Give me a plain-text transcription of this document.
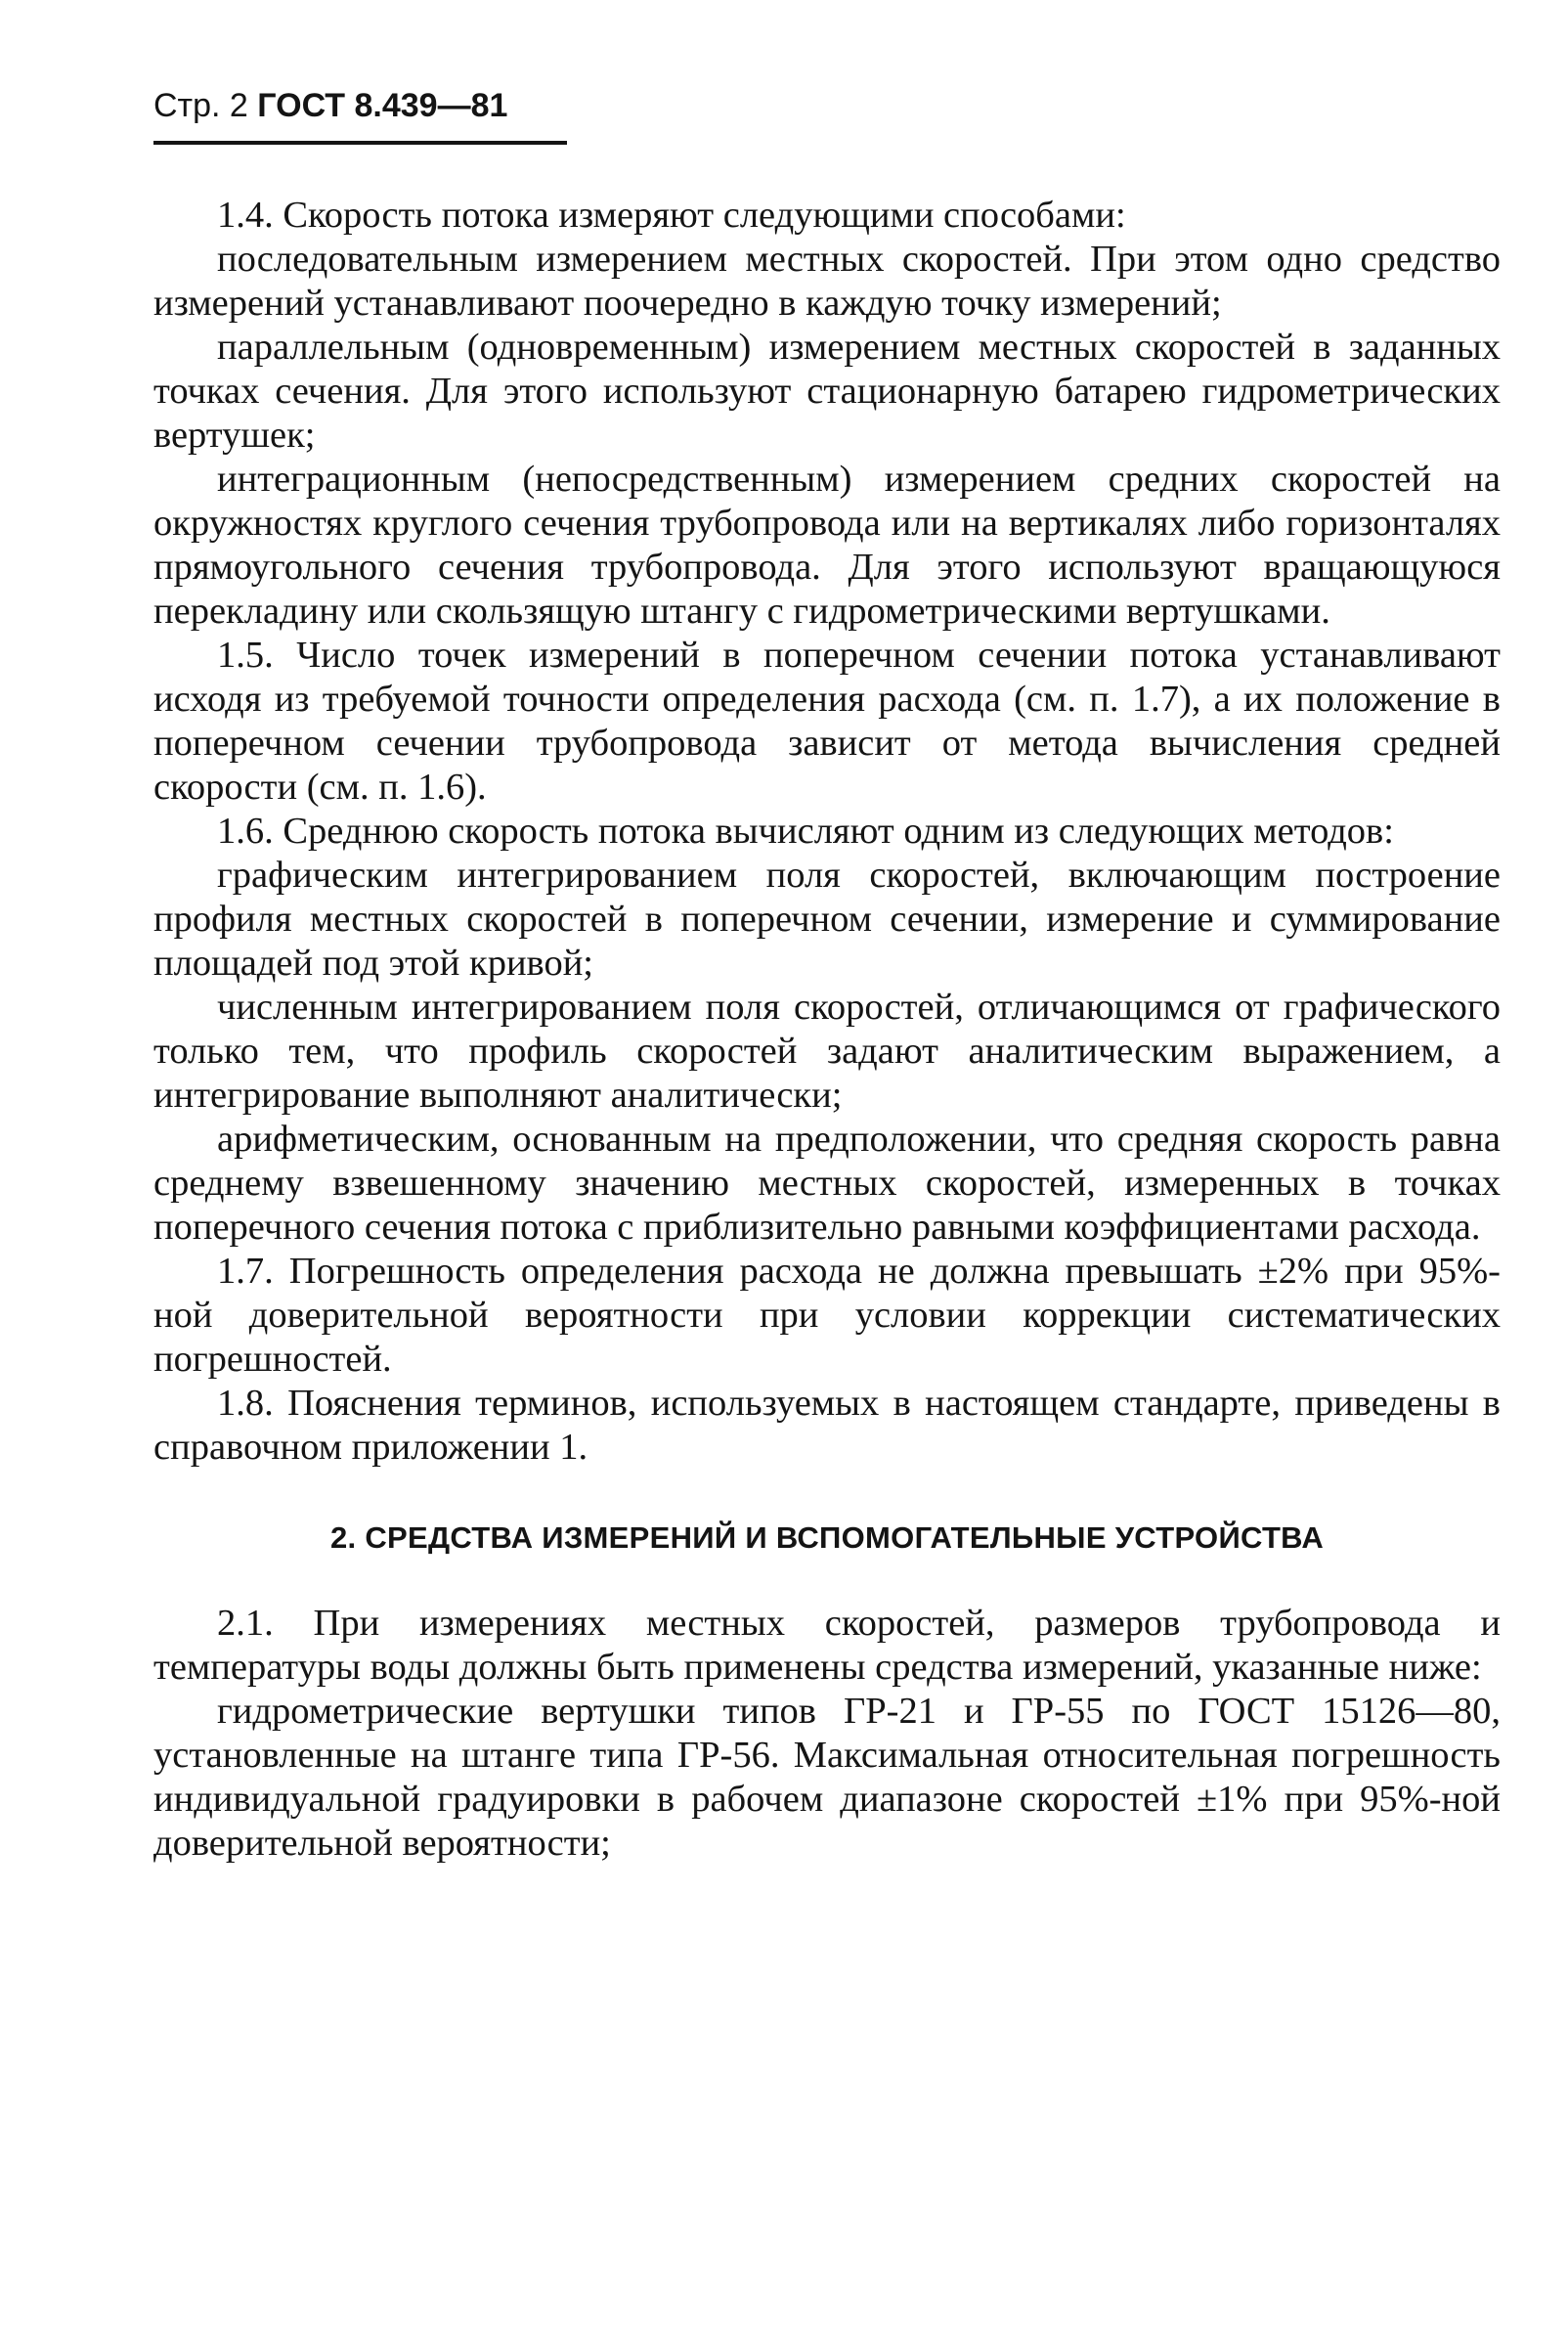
Стр. 2 ГОСТ 8.439—81

1.4. Скорость потока измеряют следующими способами:

последовательным измерением местных скоростей. При этом одно средство измерений устанавливают поочередно в каждую точку измерений;

параллельным (одновременным) измерением местных скоростей в заданных точках сечения. Для этого используют стационарную батарею гидрометрических вертушек;

интеграционным (непосредственным) измерением средних скоростей на окружностях круглого сечения трубопровода или на вертикалях либо горизонталях прямоугольного сечения трубопровода. Для этого используют вращающуюся перекладину или скользящую штангу с гидрометрическими вертушками.

1.5. Число точек измерений в поперечном сечении потока устанавливают исходя из требуемой точности определения расхода (см. п. 1.7), а их положение в поперечном сечении трубопровода зависит от метода вычисления средней скорости (см. п. 1.6).

1.6. Среднюю скорость потока вычисляют одним из следующих методов:

графическим интегрированием поля скоростей, включающим построение профиля местных скоростей в поперечном сечении, измерение и суммирование площадей под этой кривой;

численным интегрированием поля скоростей, отличающимся от графического только тем, что профиль скоростей задают аналитическим выражением, а интегрирование выполняют аналитически;

арифметическим, основанным на предположении, что средняя скорость равна среднему взвешенному значению местных скоростей, измеренных в точках поперечного сечения потока с приблизительно равными коэффициентами расхода.

1.7. Погрешность определения расхода не должна превышать ±2% при 95%-ной доверительной вероятности при условии коррекции систематических погрешностей.

1.8. Пояснения терминов, используемых в настоящем стандарте, приведены в справочном приложении 1.

2. СРЕДСТВА ИЗМЕРЕНИЙ И ВСПОМОГАТЕЛЬНЫЕ УСТРОЙСТВА

2.1. При измерениях местных скоростей, размеров трубопровода и температуры воды должны быть применены средства измерений, указанные ниже:

гидрометрические вертушки типов ГР-21 и ГР-55 по ГОСТ 15126—80, установленные на штанге типа ГР-56. Максимальная относительная погрешность индивидуальной градуировки в рабочем диапазоне скоростей ±1% при 95%-ной доверительной вероятности;
